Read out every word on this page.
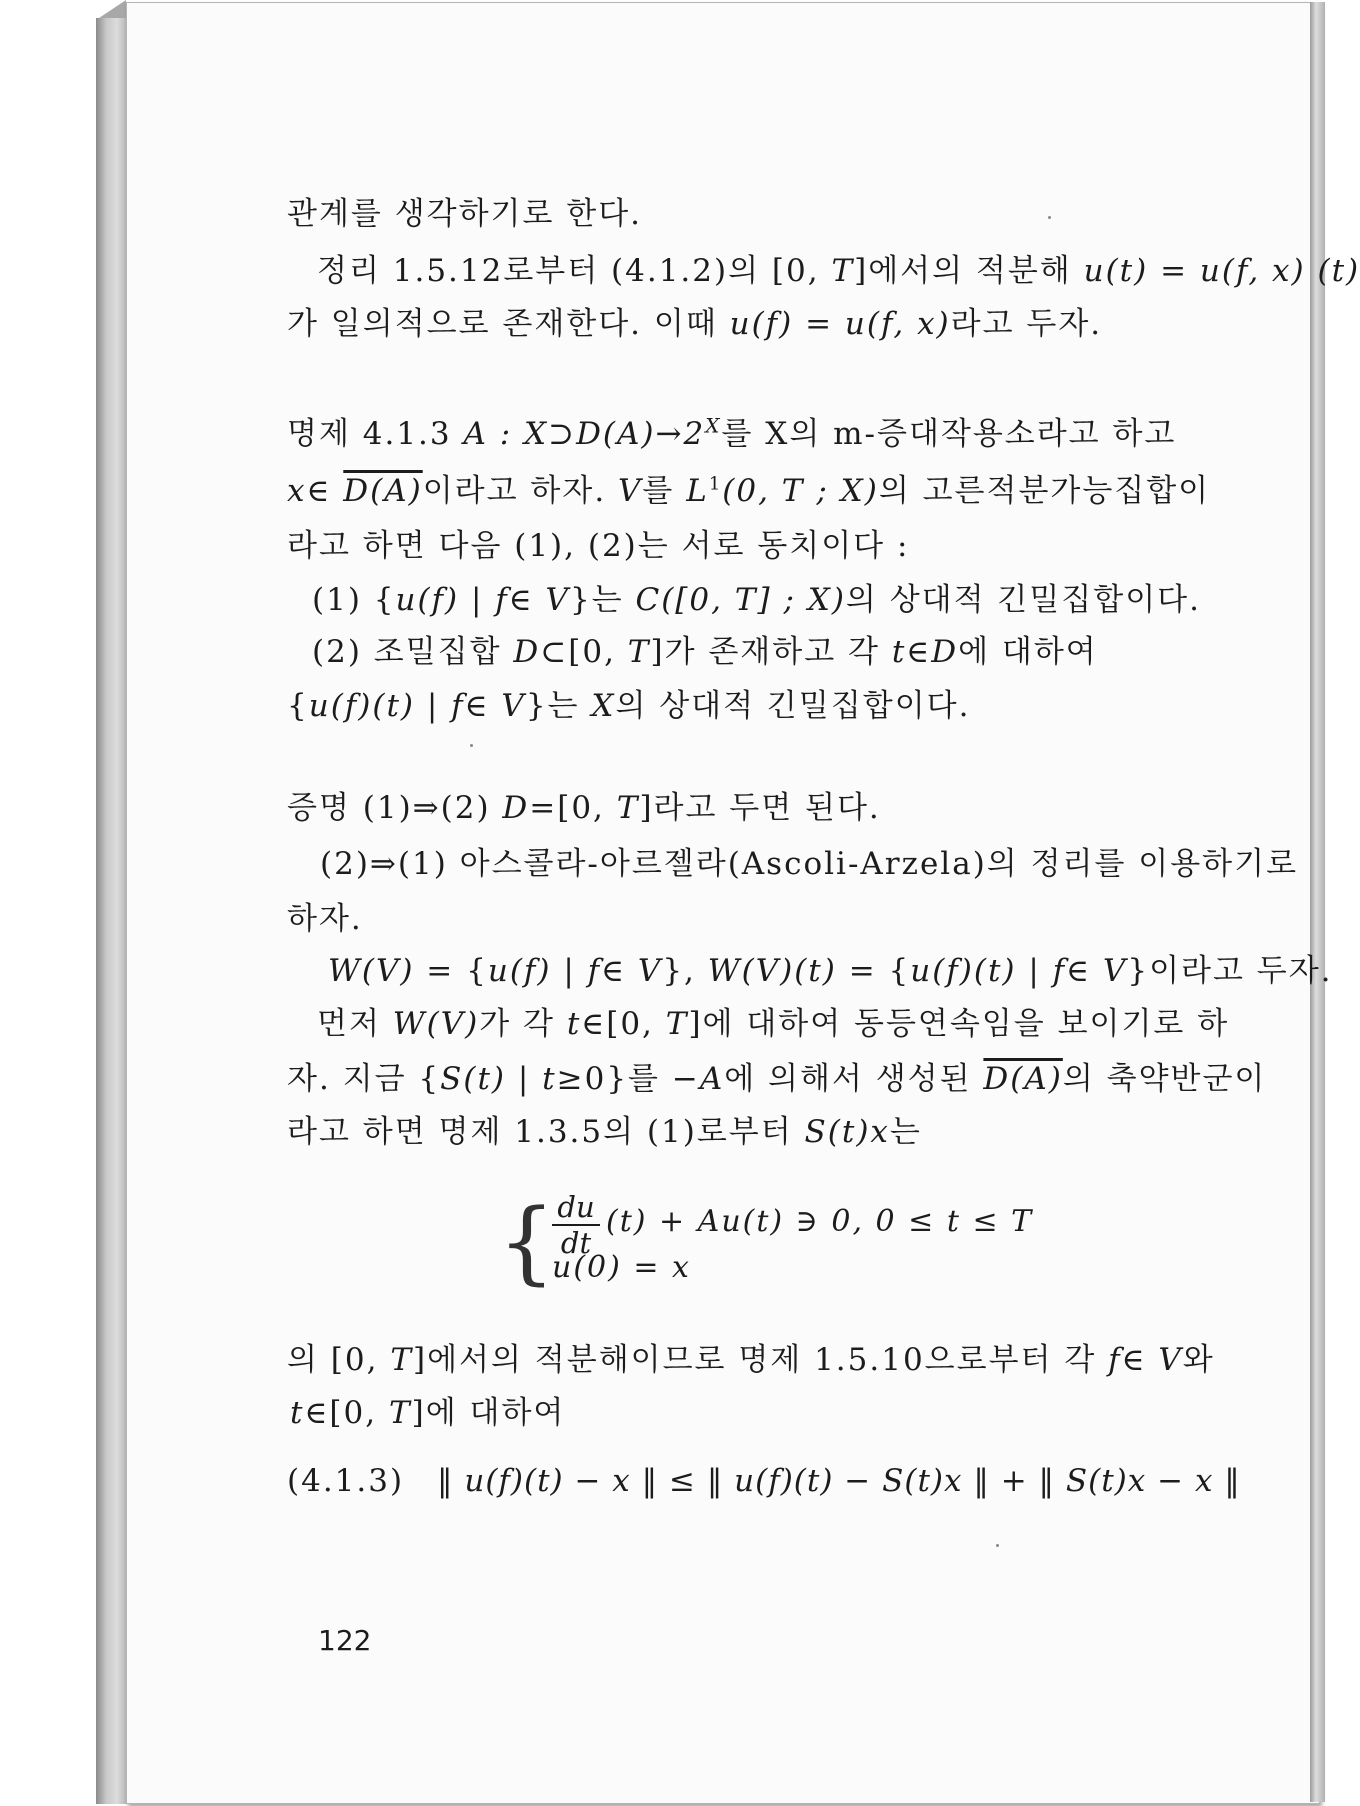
관계를 생각하기로 한다.
정리 1.5.12로부터 (4.1.2)의 [0, T]에서의 적분해 u(t) = u(f, x) (t)
가 일의적으로 존재한다. 이때 u(f) = u(f, x)라고 두자.
명제 4.1.3 A : $X⊃D(A)\to 2^X$를 X의 m-증대작용소라고 하고
x∈ D(A)이라고 하자. V를 $L^1(0$, T ; X)의 고른적분가능집합이
라고 하면 다음 (1), (2)는 서로 동치이다 :
(1) {u(f) | f∈ V}는 C([0, T] ; X)의 상대적 긴밀집합이다.
(2) 조밀집합 D⊂[0, T]가 존재하고 각 t∈D에 대하여
{u(f)(t) | f∈ V}는 X의 상대적 긴밀집합이다.
증명 (1)⇒(2) D=[0, T]라고 두면 된다.
(2)⇒(1) 아스콜라-아르젤라(Ascoli-Arzela)의 정리를 이용하기로
하자.
W(V) = {u(f) | f∈ V}, W(V)(t) = {u(f)(t) | f∈ V}이라고 두자.
먼저 W(V)가 각 t∈[0, T]에 대하여 동등연속임을 보이기로 하
자. 지금 {S(t) | t≥0}를 −A에 의해서 생성된 D(A)의 축약반군이
라고 하면 명제 1.3.5의 (1)로부터 S(t)x는
{
$\frac{du}{dt} (t) + Au(t)$ ∋ 0, 0 ≤ t ≤ T
u(0) = x
의 [0, T]에서의 적분해이므로 명제 1.5.10으로부터 각 f∈ V와
t∈[0, T]에 대하여
(4.1.3) ‖ u(f)(t) − x ‖ ≤ ‖ u(f)(t) − S(t)x ‖ + ‖ S(t)x − x ‖
122
